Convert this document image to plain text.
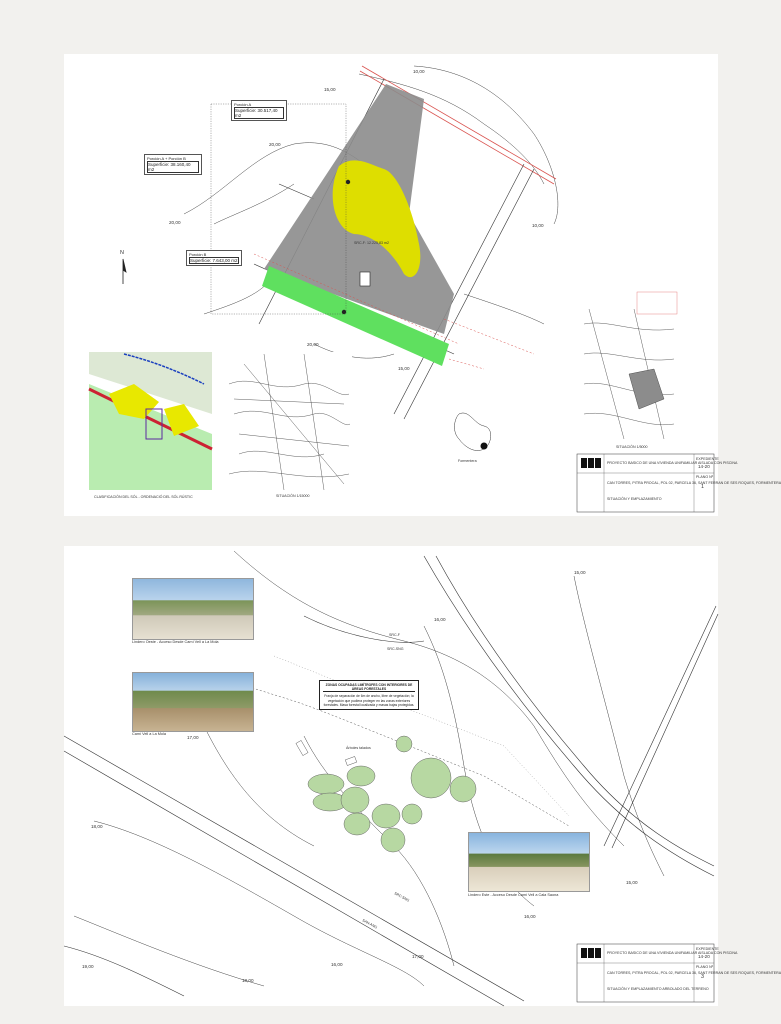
10,00
15,00
20,00
20,00
10,00
20,00
15,00
SRC-F: 12.225,83 m2
N
CLASIFICACIÓN DEL SÓL - ORDENACIÓ DEL SÓL RÚSTIC	SITUACIÓN 1/15000
Formentera
SITUACIÓN 1/5000
PROYECTO BASICO DE UNA VIVIENDA UNIFAMILIAR AISLADA CON PISCINA
EXPEDIENTE
14-20
PLANO Nº
1
CAN TORRES, PITRA PROCAL, POL 02, PARCELA 36, SANT FERRAN DE SES ROQUES, FORMENTERA
SITUACIÓN Y EMPLAZAMIENTO
Porción A
Superficie: 30.517,40 m2
Porción A + Porción B
Superficie: 38.160,40 m2
Porción B
Superficie: 7.643,00 m2
Árboles talados
15,00
16,00
17,00
18,00
16,00
15,00
16,00
17,00
18,00
19,00
SRC-F
SRC-SNG
SRC-SNG
SAN-ANG
PROYECTO BASICO DE UNA VIVIENDA UNIFAMILIAR AISLADA CON PISCINA
EXPEDIENTE
14-20
PLANO Nº
3
CAN TORRES, PITRA PROCAL, POL 02, PARCELA 36, SANT FERRAN DE SES ROQUES, FORMENTERA
SITUACIÓN Y EMPLAZAMIENTO ARBOLADO DEL TERRENO
Lindero Oeste - Acceso Desde Camí Vell a La Mola
Camí Vell a La Mola
Lindero Este - Acceso Desde Camí Vell a Cala Saona
ZONAS OCUPADAS LIMÍTROFES CON INTERIORES DE ÁREAS FORESTALES
Franja de separación de 6m de ancho, libre de vegetación; la vegetación que pudiera proteger en las zonas exteriores forestales. Masa forestal localizada y masas bajas protegidas.
